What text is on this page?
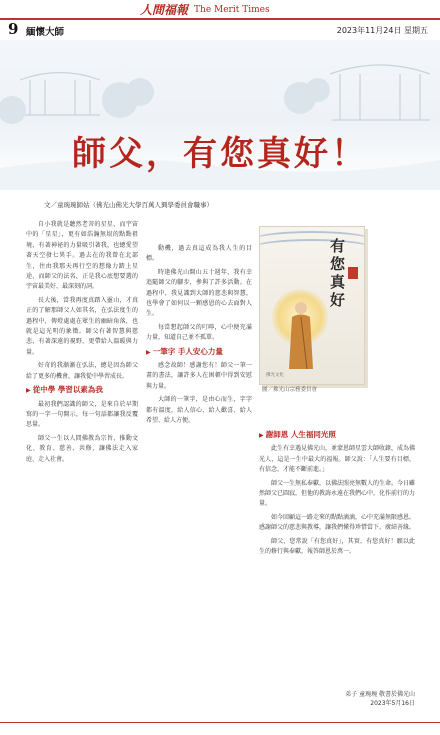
人間福報 The Merit Times
9 緬懷大師	2023年11月24日 星期五
師父，有您真好！
文／童琬琬師姑（佛光山佛光大學百萬人興學委員會職事）

自小我就是聽然老菩的星星，而宇宙中的「星星」，更有如浩瀚無垠的點點祖境，有著神祕的力量吸引著我，也總愛望著天空發七異手。過去在的我曾在北部生，住由我那天再行空的想像力踏上星途，而師父的法名，正是我心底想要選的宇宙最美好、最深刻的詞。

長大後，當我再度真踏入靈山，才真正的了解那師父人如其名，在弘法度生的過程中，傳燈處處在眾生的幽暗角落，也就是這光明的象徵。師父有著智慧與慈悲，有著深遠的視野，更帶給人溫暖與力量。

好奇的我漸漸在弘法，總是因為師父給了更多的機會，讓我從中學習成長。

▶ 從中學 學習以素為我

最初我們認識的師父，是來自於早期寫的一字一句開示，每一句話都讓我反覆思量。

師父一生以人間佛教為宗旨，推動文化、教育、慈善、共修，讓佛法走入家庭、走入社會。

動機，過去真這成為我人生的目標。

時逢佛光山開山五十週年，我有幸追隨師父的腳步，參與了許多活動。在過程中，我見識到大師的慈悲與智慧，也學會了如何以一顆感恩的心去面對人生。

每當想起師父的叮嚀，心中便充滿力量，知道自己並不孤單。

▶ 一筆字 手人安心力量

感念故師！感謝您有！師父一筆一畫的書法，讓許多人在困頓中得到安慰與力量。

大師的一筆字，是由心而生，字字都有溫度，給人信心、給人歡喜、給人希望、給人方便。

有您真好
佛光文化
圖／佛光山宗務委員會

▶ 謝師恩 人生福同光照

此生有幸遇見佛光山，並蒙恩師星雲大師收錄，成為佛光人，這是一生中最大的福報。師父說：「人生要有目標，有信念，才能不斷前進。」

師父一生無私奉獻，以佛法照亮無數人的生命。今日雖然師父已圓寂，但他的教誨永遠在我們心中，化作前行的力量。

如今回顧這一路走來的點點滴滴，心中充滿無限感恩。感謝師父的慈悲與教導，讓我們懂得珍惜當下、廣結善緣。

師父，您常說「有您真好」，其實，有您真好！願以此生的修行與奉獻，報答師恩於萬一。

弟子 童琬琬 敬書於佛光山
2023年5月16日
